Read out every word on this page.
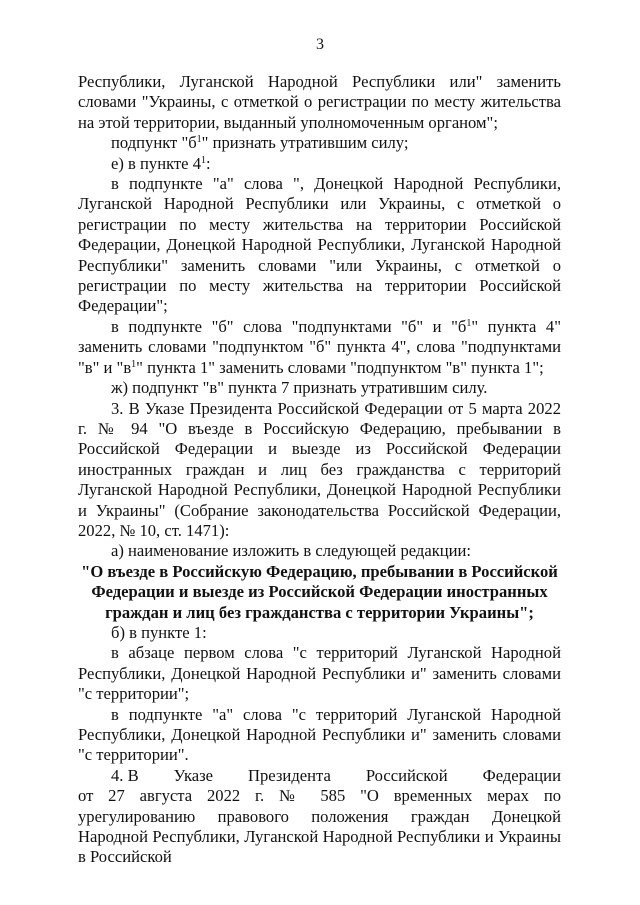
3

Республики, Луганской Народной Республики или" заменить словами "Украины, с отметкой о регистрации по месту жительства на этой территории, выданный уполномоченным органом";

подпункт "$б^1$" признать утратившим силу;

е) в пункте $4^1$:

в подпункте "а" слова ", Донецкой Народной Республики, Луганской Народной Республики или Украины, с отметкой о регистрации по месту жительства на территории Российской Федерации, Донецкой Народной Республики, Луганской Народной Республики" заменить словами "или Украины, с отметкой о регистрации по месту жительства на территории Российской Федерации";

в подпункте "б" слова "подпунктами "б" и "$б^1$" пункта 4" заменить словами "подпунктом "б" пункта 4", слова "подпунктами "в" и "$в^1$" пункта 1" заменить словами "подпунктом "в" пункта 1";

ж) подпункт "в" пункта 7 признать утратившим силу.

3. В Указе Президента Российской Федерации от 5 марта 2022 г. № 94 "О въезде в Российскую Федерацию, пребывании в Российской Федерации и выезде из Российской Федерации иностранных граждан и лиц без гражданства с территорий Луганской Народной Республики, Донецкой Народной Республики и Украины" (Собрание законодательства Российской Федерации, 2022, № 10, ст. 1471):

а) наименование изложить в следующей редакции:

"О въезде в Российскую Федерацию, пребывании в Российской Федерации и выезде из Российской Федерации иностранных граждан и лиц без гражданства с территории Украины";

б) в пункте 1:

в абзаце первом слова "с территорий Луганской Народной Республики, Донецкой Народной Республики и" заменить словами "с территории";

в подпункте "а" слова "с территорий Луганской Народной Республики, Донецкой Народной Республики и" заменить словами "с территории".

4. В Указе Президента Российской Федерации

от 27 августа 2022 г. № 585 "О временных мерах по урегулированию правового положения граждан Донецкой Народной Республики, Луганской Народной Республики и Украины в Российской
